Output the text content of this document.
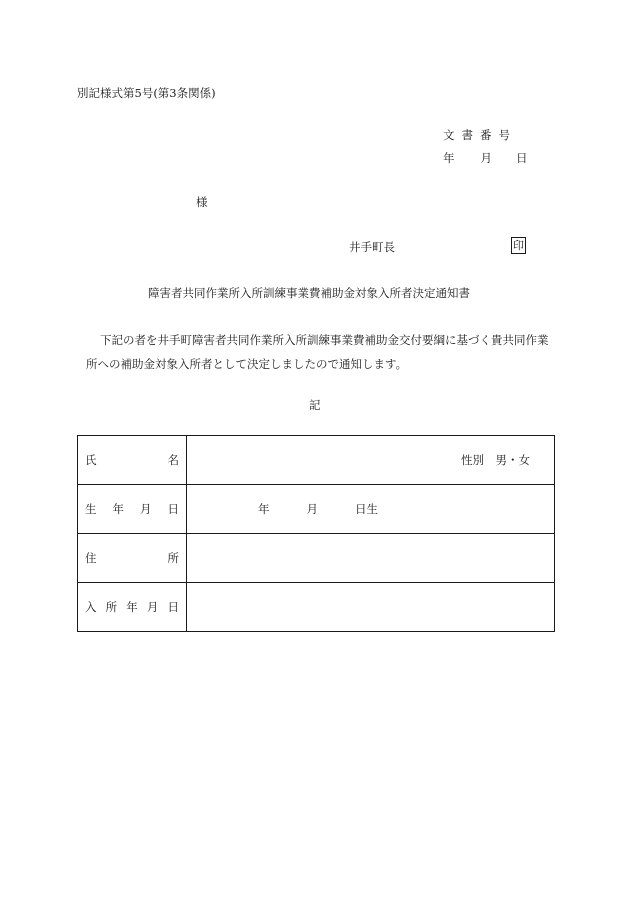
別記様式第5号(第3条関係)
文書番号
年 月 日
様
井手町長	印
障害者共同作業所入所訓練事業費補助金対象入所者決定通知書
下記の者を井手町障害者共同作業所入所訓練事業費補助金交付要綱に基づく貴共同作業所への補助金対象入所者として決定しましたので通知します。
記
氏 名	性別　男・女

生 年 月 日	年 月 日生

住 所	

入 所 年 月 日	
